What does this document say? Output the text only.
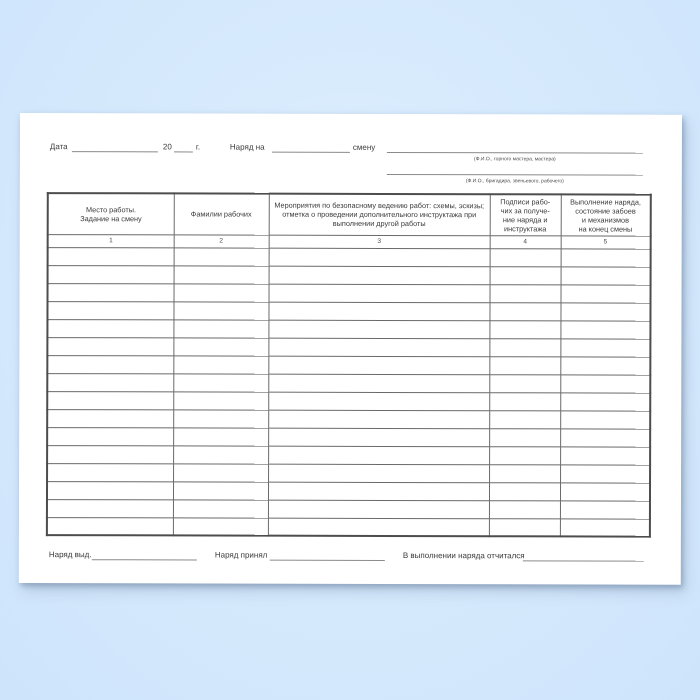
Дата	20	г.	Наряд на	смену
(Ф.И.О., горного мастера, мастера)
(Ф.И.О., бригадира, звеньевого, рабочего)
Место работы.
Задание на смену	Фамилии рабочих	Мероприятия по безопасному ведению работ: схемы, эскизы; отметка о проведении дополнительного инструктажа при выполнении другой работы	Подписи рабо-
чих за получе-
ние наряда и
инструктажа	Выполнение наряда,
состояние забоев
и механизмов
на конец смены
1	2	3	4	5

Наряд выд.	Наряд принял	В выполнении наряда отчитался
